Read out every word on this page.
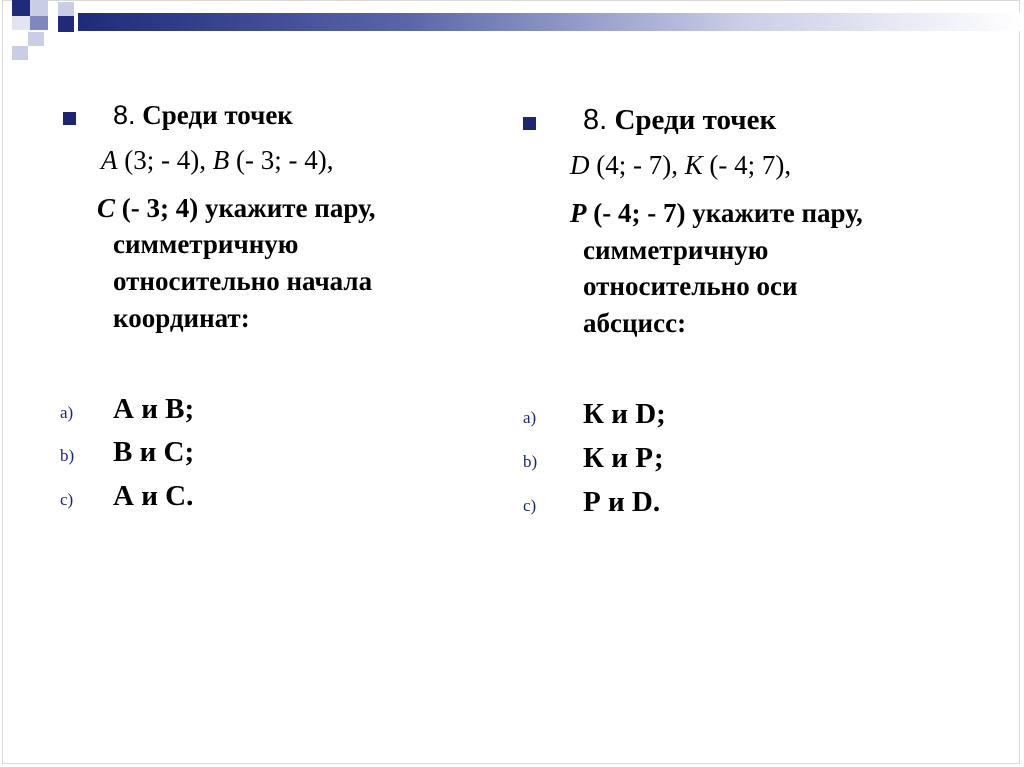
8. Среди точек
A (3; - 4), B (- 3; - 4),
C (- 3; 4) укажите пару,
симметричную
относительно начала
координат:
a) А и В;
b) В и С;
c) А и С.
8. Среди точек
D (4; - 7), К (- 4; 7),
P (- 4; - 7) укажите пару,
симметричную
относительно оси
абсцисс:
a) К и D;
b) К и Р;
c) Р и D.
